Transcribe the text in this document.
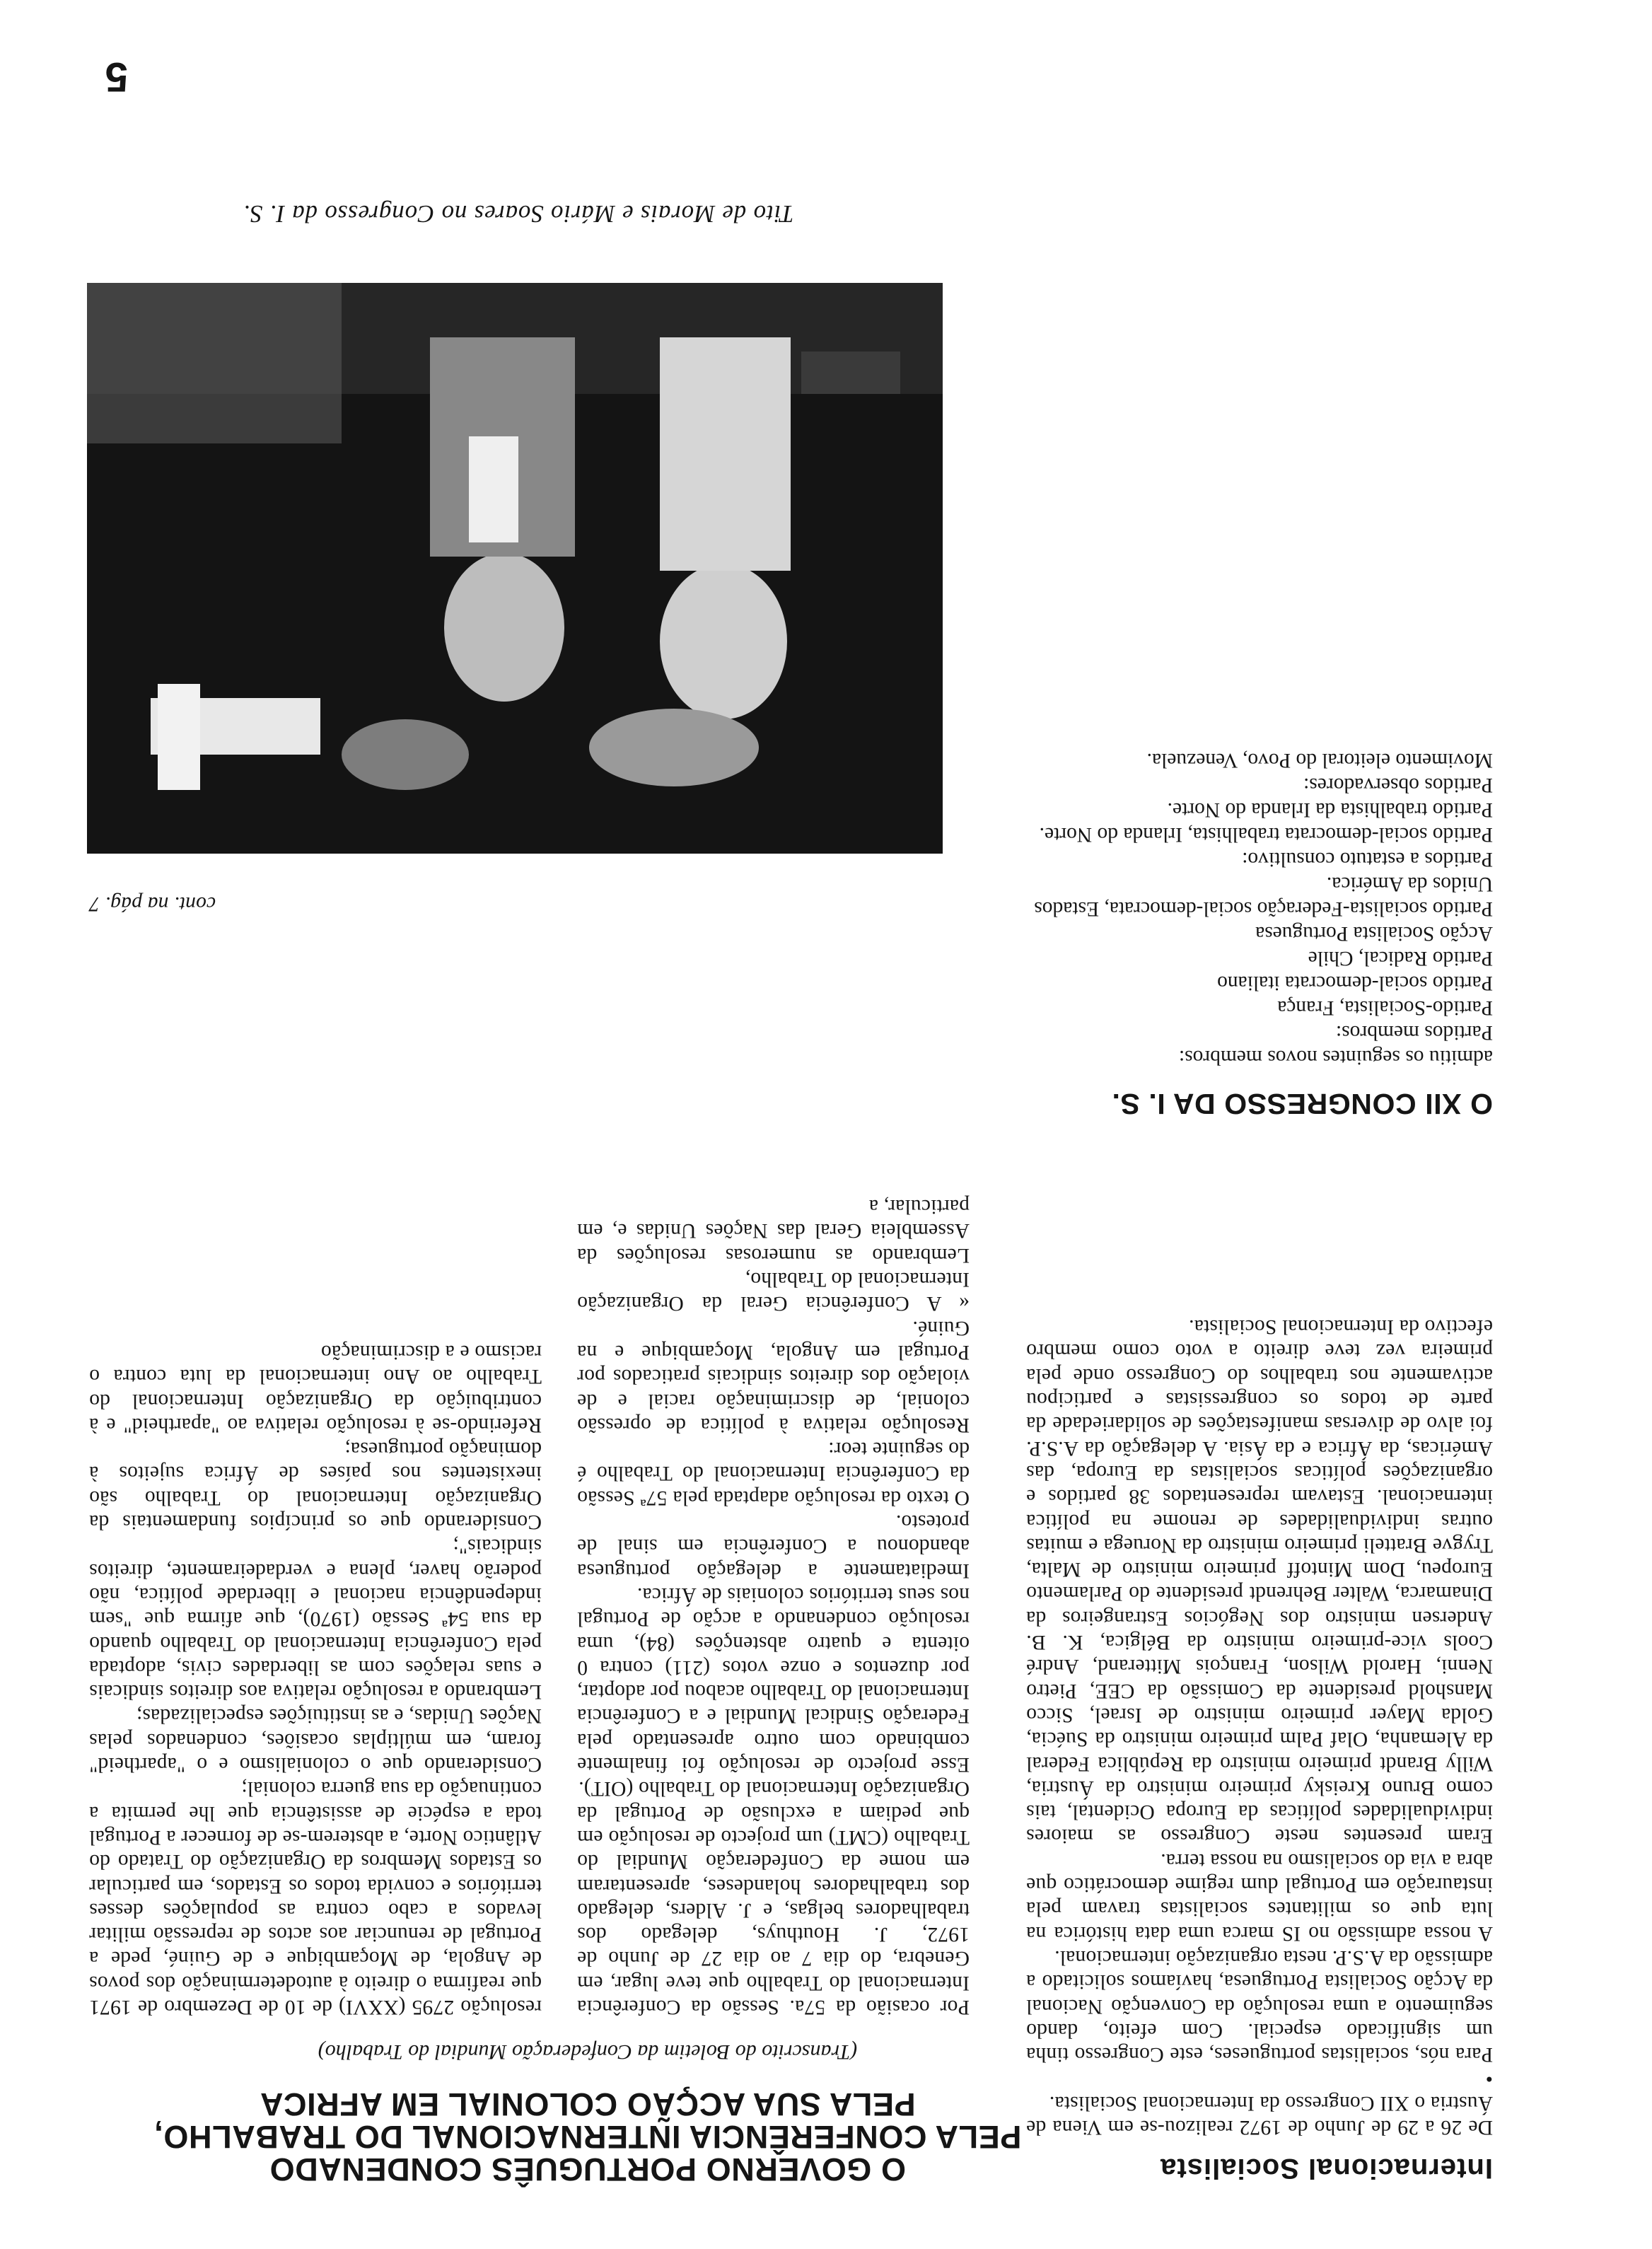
Internacional Socialista

De 26 a 29 de Junho de 1972 realizou-se em Viena de Áustria o XII Congresso da Internacional Socialista.
•
Para nós, socialistas portugueses, este Congresso tinha um significado especial. Com efeito, dando seguimento a uma resolução da Convenção Nacional da Acção Socialista Portuguesa, havíamos solicitado a admissão da A.S.P. nesta organização internacional.
A nossa admissão no IS marca uma data histórica na luta que os militantes socialistas travam pela instauração em Portugal dum regime democrático que abra a via do socialismo na nossa terra.
Eram presentes neste Congresso as maiores individualidades políticas da Europa Ocidental, tais como Bruno Kreisky primeiro ministro da Áustria, Willy Brandt primeiro ministro da República Federal da Alemanha, Olaf Palm primeiro ministro da Suécia, Golda Mayer primeiro ministro de Israel, Sicco Manshold presidente da Comissão da CEE, Pietro Nenni, Harold Wilson, François Mitterand, André Cools vice-primeiro ministro da Bélgica, K. B. Andersen ministro dos Negócios Estrangeiros da Dinamarca, Walter Behrendt presidente do Parlamento Europeu, Dom Mintoff primeiro ministro de Malta, Trygve Bratteli primeiro ministro da Noruega e muitas outras individualidades de renome na política internacional. Estavam representados 38 partidos e organizações políticas socialistas da Europa, das Américas, da África e da Ásia. A delegação da A.S.P. foi alvo de diversas manifestações de solidariedade da parte de todos os congressistas e participou activamente nos trabalhos do Congresso onde pela primeira vez teve direito a voto como membro efectivo da Internacional Socialista.

O XII CONGRESSO DA I. S.

admitiu os seguintes novos membros:
Partidos membros:
Partido-Socialista, França
Partido social-democrata italiano
Partido Radical, Chile
Acção Socialista Portuguesa
Partido socialista-Federação social-democrata, Estados Unidos da América.
Partidos a estatuto consultivo:
Partido social-democrata trabalhista, Irlanda do Norte.
Partido trabalhista da Irlanda do Norte.
Partidos observadores:
Movimento eleitoral do Povo, Venezuela.

O GOVERNO PORTUGUÊS CONDENADO
PELA CONFERÊNCIA INTERNACIONAL DO TRABALHO,
PELA SUA ACÇÃO COLONIAL EM AFRICA
(Transcrito do Boletim da Confederação Mundial do Trabalho)

Por ocasião da 57a. Sessão da Conferência Internacional do Trabalho que teve lugar, em Genebra, do dia 7 ao dia 27 de Junho de 1972, J. Houthuys, delegado dos trabalhadores belgas, e J. Alders, delegado dos trabalhadores holandeses, apresentaram em nome da Confederação Mundial do Trabalho (CMT) um projecto de resolução em que pediam a exclusão de Portugal da Organização Internacional do Trabalho (OIT).
Esse projecto de resolução foi finalmente combinado com outro apresentado pela Federação Sindical Mundial e a Conferência Internacional do Trabalho acabou por adoptar, por duzentos e onze votos (211) contra 0 oitenta e quatro abstenções (84), uma resolução condenando a acção de Portugal nos seus territórios coloniais de África.
Imediatamente a delegação portuguesa abandonou a Conferência em sinal de protesto.
O texto da resolução adaptada pela 57ª Sessão da Conferência Internacional do Trabalho é do seguinte teor:
Resolução relativa à política de opressão colonial, de discriminação racial e de violação dos direitos sindicais praticados por Portugal em Angola, Moçambique e na Guiné.
« A Conferência Geral da Organização Internacional do Trabalho,
Lembrando as numerosas resoluções da Assembleia Geral das Nações Unidas e, em particular, a

resolução 2795 (XXVI) de 10 de Dezembro de 1971 que reafirma o direito à autodeterminação dos povos de Angola, de Moçambique e de Guiné, pede a Portugal de renunciar aos actos de repressão militar levados a cabo contra as populações desses territórios e convida todos os Estados, em particular os Estados Membros da Organização do Tratado do Atlântico Norte, a absterem-se de fornecer a Portugal toda a espécie de assistência que lhe permita a continuação da sua guerra colonial;
Considerando que o colonialismo e o "apartheid" foram, em múltiplas ocasiões, condenados pelas Nações Unidas, e as instituições especializadas;
Lembrando a resolução relativa aos direitos sindicais e suas relações com as liberdades civis, adoptada pela Conferência Internacional do Trabalho quando da sua 54ª Sessão (1970), que afirma que "sem independência nacional e liberdade política, não poderão haver, plena e verdadeiramente, direitos sindicais";
Considerando que os princípios fundamentais da Organização Internacional do Trabalho são inexistentes nos países de África sujeitos à dominação portuguesa;
Referindo-se à resolução relativa ao "apartheid" e à contribuição da Organização Internacional do Trabalho ao Ano internacional da luta contra o racismo e a discriminação

cont. na pág. 7
Tito de Morais e Mário Soares no Congresso da I. S.
5
